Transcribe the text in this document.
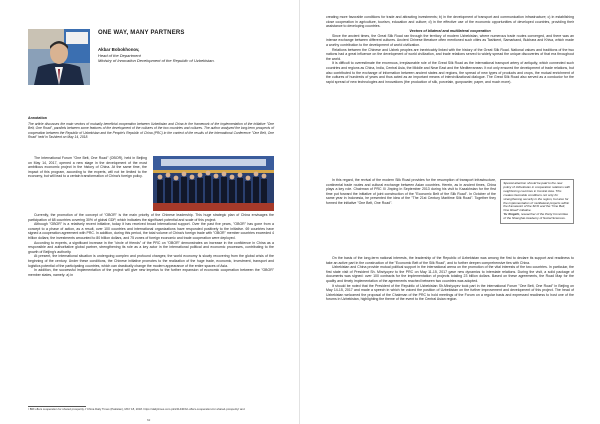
ONE WAY, MANY PARTNERS
Akbar Bobokhonov,
Head of the Department
Ministry of Innovation Development of the Republic of Uzbekistan.
Annotation

The article discusses the main vectors of mutually beneficial cooperation between Uzbekistan and China in the framework of the implementation of the initiative "One Belt, One Road", parallels between some features of the development of the cultures of the two countries and cultures. The author analyzed the long-term prospects of cooperation between the Republic of Uzbekistan and the People's Republic of China (PRC) in the context of the results of the International Conference "One Belt, One Road" held in Tashkent on May 14, 2018.

The International Forum "One Belt, One Road" (OBOR), held in Beijing on May 14, 2017, opened a new stage in the development of the most ambitious economic project in the history of China. At the same time, the impact of this program, according to the experts, will not be limited to the economy, but will lead to a certain transformation of China's foreign policy.

Currently, the promotion of the concept of "OBOR" is the main priority of the Chinese leadership. This huge strategic plan of China envisages the participation of 68 countries covering 30% of global GDP, which indicates the significant potential and scale of this project.

Although "OBOR" is a relatively recent initiative, today it has received broad international support. Over the past five years, "OBOR" has gone from a concept to a phase of action, as a result, over 100 countries and international organizations have responded positively to the initiative. 69 countries have signed a cooperation agreement with PRC. In addition, during this period, the total volume of China's foreign trade with "OBOR" member countries exceeded 4 trillion dollars; the investments amounted to 80 billion dollars, and 75 zones of foreign economic and trade cooperation were deployed.

According to experts, a significant increase in the "circle of friends" of the PRC on "OBOR" demonstrates an increase in the confidence in China as a responsible and authoritative global partner, strengthening its role as a key actor in the international political and economic processes, contributing to the growth of Beijing's authority.

At present, the international situation is undergoing complex and profound changes; the world economy is slowly recovering from the global crisis of the beginning of the century. Under these conditions, the Chinese initiative promotes to the realization of the huge trade, economic, investment, transport and logistics potential of the participating countries, which can drastically change the modern appearance of the entire spaces of Asia.

In addition, the successful implementation of the project will give new impetus to the further expansion of economic cooperation between the "OBOR" member states, namely: a) in

¹ BRI offers cooperation for shared prosperity // China Daily Times (Pakistan), MAY 18, 2018. https://dailytimes.com.pk/241440/bri-offers-cooperation-for-shared-prosperity/ and
62

creating more favorable conditions for trade and attracting investments; b) in the development of transport and communication infrastructure; c) in establishing close cooperation in agriculture, tourism, education and culture; d) in the effective use of the economic opportunities of developed countries, providing their assistance to developing countries.

Vectors of bilateral and multilateral cooperation

Since the ancient times, the Great Silk Road ran through the territory of modern Uzbekistan, where numerous trade routes converged, and there was an intense exchange between different cultures. Ancient Chinese literature often mentioned such cities as Tashkent, Samarkand, Bukhara and Khiva, which made a worthy contribution to the development of world civilization.

Relations between the Chinese and Uzbek peoples are inextricably linked with the history of the Great Silk Road. National values and traditions of the two nations had a great influence on the development of world civilization, and trade relations served to widely spread the unique discoveries of that era throughout the world.

It is difficult to overestimate the enormous, irreplaceable role of the Great Silk Road as the international transport artery of antiquity, which connected such countries and regions as China, India, Central Asia, the Middle and Near East and the Mediterranean. It not only ensured the development of trade relations, but also contributed to the exchange of information between ancient states and regions, the spread of new types of products and crops, the mutual enrichment of the cultures of hundreds of years and thus acted as an important means of intercivilizational dialogue. The Great Silk Road also served as a conductor for the rapid spread of new technologies and innovations (the production of silk, porcelain, gunpowder, paper, and much more).

In this regard, the revival of the modern Silk Road provides for the resumption of transport infrastructure, continental trade routes and cultural exchange between Asian countries. Herein, as in ancient times, China plays a key role. Chairman of PRC Xi Jinping in September 2013 during his visit to Kazakhstan for the first time put forward the initiative of joint construction of the "Economic Belt of the Silk Road". In October of the same year in Indonesia, he presented the idea of the "The 21st Century Maritime Silk Road". Together they formed the initiative "One Belt, One Road".

Special attention should be paid to the new policy of Uzbekistan in cooperation relations with neighboring countries in Central Asia. This creates favorable conditions not only for strengthening security in the region, but also for the implementation of multilateral projects within the framework of the SCO and the "One Belt, One Road" initiative.

Yu Xingzhi, researcher of the Party Committee of the Shanghai Academy of Social Sciences.

On the basis of the long-term national interests, the leadership of the Republic of Uzbekistan was among the first to declare its support and readiness to take an active part in the construction of the "Economic Belt of the Silk Road", and to further deepen comprehensive ties with China.

Uzbekistan and China provide mutual political support in the international arena on the promotion of the vital interests of the two countries. In particular, the first state visit of President Sh. Mirziyoyev to the PRC on May 11-15, 2017 gave new dynamics to interstate relations. During the visit, a solid package of documents was signed: over 100 contracts for the implementation of projects totaling 23 billion dollars. Based on these agreements, the Road Map for the quality and timely implementation of the agreements reached between two countries was adopted.

It should be noted that the President of the Republic of Uzbekistan Sh.Mirziyoyev took part in the international Forum "One Belt, One Road" in Beijing on May 14-15, 2017 and made a speech in which he voiced the position of Uzbekistan on the further improvement and development of this project. The head of Uzbekistan welcomed the proposal of the Chairman of the PRC to hold meetings of the Forum on a regular basis and expressed readiness to host one of the forums in Uzbekistan, highlighting the theme of the event to the Central Asian region.
